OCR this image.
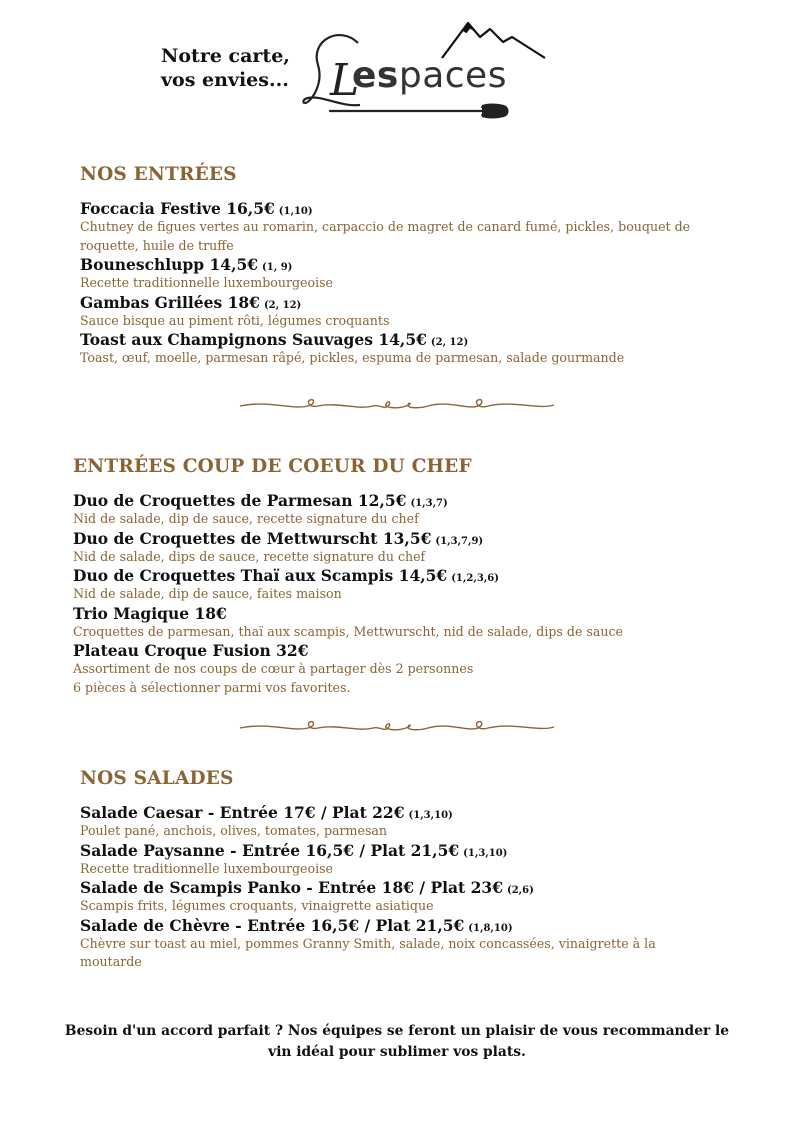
Notre carte,
vos envies... L
espaces
NOS ENTRÉES
Foccacia Festive 16,5€ (1,10)
Chutney de figues vertes au romarin, carpaccio de magret de canard fumé, pickles, bouquet de roquette, huile de truffe
Bouneschlupp 14,5€ (1, 9)
Recette traditionnelle luxembourgeoise
Gambas Grillées 18€ (2, 12)
Sauce bisque au piment rôti, légumes croquants
Toast aux Champignons Sauvages 14,5€ (2, 12)
Toast, œuf, moelle, parmesan râpé, pickles, espuma de parmesan, salade gourmande
ENTRÉES COUP DE COEUR DU CHEF
Duo de Croquettes de Parmesan 12,5€ (1,3,7)
Nid de salade, dip de sauce, recette signature du chef
Duo de Croquettes de Mettwurscht 13,5€ (1,3,7,9)
Nid de salade, dips de sauce, recette signature du chef
Duo de Croquettes Thaï aux Scampis 14,5€ (1,2,3,6)
Nid de salade, dip de sauce, faites maison
Trio Magique 18€
Croquettes de parmesan, thaï aux scampis, Mettwurscht, nid de salade, dips de sauce
Plateau Croque Fusion 32€
Assortiment de nos coups de cœur à partager dès 2 personnes
6 pièces à sélectionner parmi vos favorites.
NOS SALADES
Salade Caesar - Entrée 17€ / Plat 22€ (1,3,10)
Poulet pané, anchois, olives, tomates, parmesan
Salade Paysanne - Entrée 16,5€ / Plat 21,5€ (1,3,10)
Recette traditionnelle luxembourgeoise
Salade de Scampis Panko - Entrée 18€ / Plat 23€ (2,6)
Scampis frits, légumes croquants, vinaigrette asiatique
Salade de Chèvre - Entrée 16,5€ / Plat 21,5€ (1,8,10)
Chèvre sur toast au miel, pommes Granny Smith, salade, noix concassées, vinaigrette à la moutarde
Besoin d'un accord parfait ? Nos équipes se feront un plaisir de vous recommander le vin idéal pour sublimer vos plats.
